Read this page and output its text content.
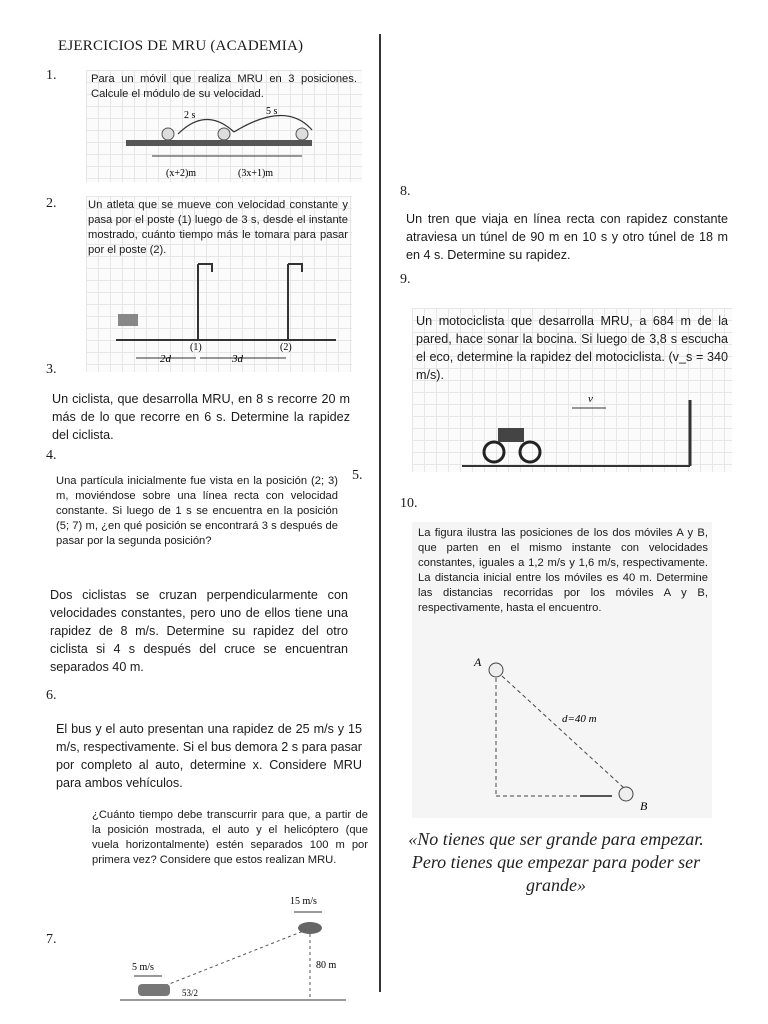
EJERCICIOS DE MRU (ACADEMIA)
1.	Para un móvil que realiza MRU en 3 posiciones. Calcule el módulo de su velocidad.
2 s	5 s
(x+2)m	(3x+1)m
2.	Un atleta que se mueve con velocidad constante y pasa por el poste (1) luego de 3 s, desde el instante mostrado, cuánto tiempo más le tomara para pasar por el poste (2).
(1)	(2)
2d	3d
3.
Un ciclista, que desarrolla MRU, en 8 s recorre 20 m más de lo que recorre en 6 s. Determine la rapidez del ciclista.
4.
Una partícula inicialmente fue vista en la posición (2; 3) m, moviéndose sobre una línea recta con velocidad constante. Si luego de 1 s se encuentra en la posición (5; 7) m, ¿en qué posición se encontrará 3 s después de pasar por la segunda posición?
5.
Dos ciclistas se cruzan perpendicularmente con velocidades constantes, pero uno de ellos tiene una rapidez de 8 m/s. Determine su rapidez del otro ciclista si 4 s después del cruce se encuentran separados 40 m.
6.
El bus y el auto presentan una rapidez de 25 m/s y 15 m/s, respectivamente. Si el bus demora 2 s para pasar por completo al auto, determine x. Considere MRU para ambos vehículos.
¿Cuánto tiempo debe transcurrir para que, a partir de la posición mostrada, el auto y el helicóptero (que vuela horizontalmente) estén separados 100 m por primera vez? Considere que estos realizan MRU.
7.
15 m/s
80 m
5 m/s
53/2
8.
Un tren que viaja en línea recta con rapidez constante atraviesa un túnel de 90 m en 10 s y otro túnel de 18 m en 4 s. Determine su rapidez.
9.
Un motociclista que desarrolla MRU, a 684 m de la pared, hace sonar la bocina. Si luego de 3,8 s escucha el eco, determine la rapidez del motociclista. (v_s = 340 m/s).
v
10.
La figura ilustra las posiciones de los dos móviles A y B, que parten en el mismo instante con velocidades constantes, iguales a 1,2 m/s y 1,6 m/s, respectivamente. La distancia inicial entre los móviles es 40 m. Determine las distancias recorridas por los móviles A y B, respectivamente, hasta el encuentro.
A
d=40 m
B
«No tienes que ser grande para empezar. Pero tienes que empezar para poder ser grande»
